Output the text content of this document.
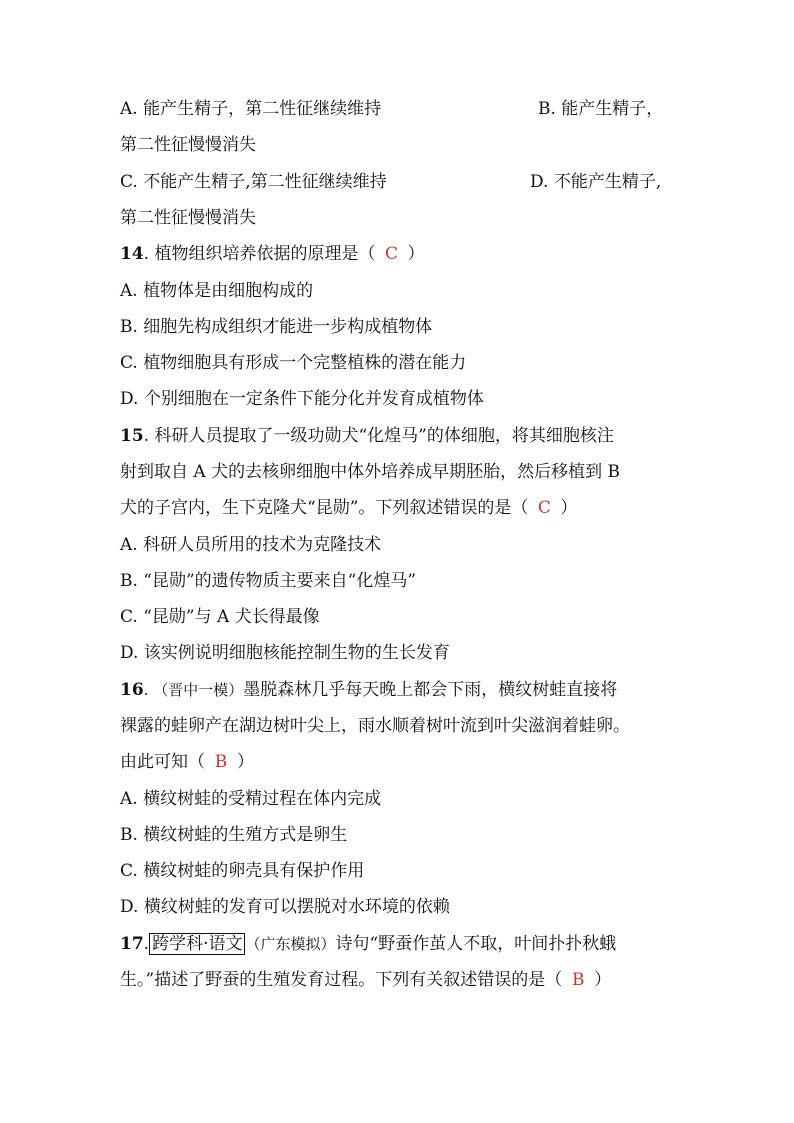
A. 能产生精子，第二性征继续维持	B. 能产生精子，
第二性征慢慢消失
C. 不能产生精子,第二性征继续维持	D. 不能产生精子,
第二性征慢慢消失
14. 植物组织培养依据的原理是（ C ）
A. 植物体是由细胞构成的
B. 细胞先构成组织才能进一步构成植物体
C. 植物细胞具有形成一个完整植株的潜在能力
D. 个别细胞在一定条件下能分化并发育成植物体
15. 科研人员提取了一级功勋犬“化煌马”的体细胞，将其细胞核注
射到取自 A 犬的去核卵细胞中体外培养成早期胚胎，然后移植到 B
犬的子宫内，生下克隆犬“昆勋”。下列叙述错误的是（ C ）
A. 科研人员所用的技术为克隆技术
B. “昆勋”的遗传物质主要来自“化煌马”
C. “昆勋”与 A 犬长得最像
D. 该实例说明细胞核能控制生物的生长发育
16. （晋中一模）墨脱森林几乎每天晚上都会下雨，横纹树蛙直接将
裸露的蛙卵产在湖边树叶尖上，雨水顺着树叶流到叶尖滋润着蛙卵。
由此可知（ B ）
A. 横纹树蛙的受精过程在体内完成
B. 横纹树蛙的生殖方式是卵生
C. 横纹树蛙的卵壳具有保护作用
D. 横纹树蛙的发育可以摆脱对水环境的依赖
17. 跨学科·语文 （广东模拟）诗句“野蚕作茧人不取，叶间扑扑秋蛾
生。”描述了野蚕的生殖发育过程。下列有关叙述错误的是（ B ）
